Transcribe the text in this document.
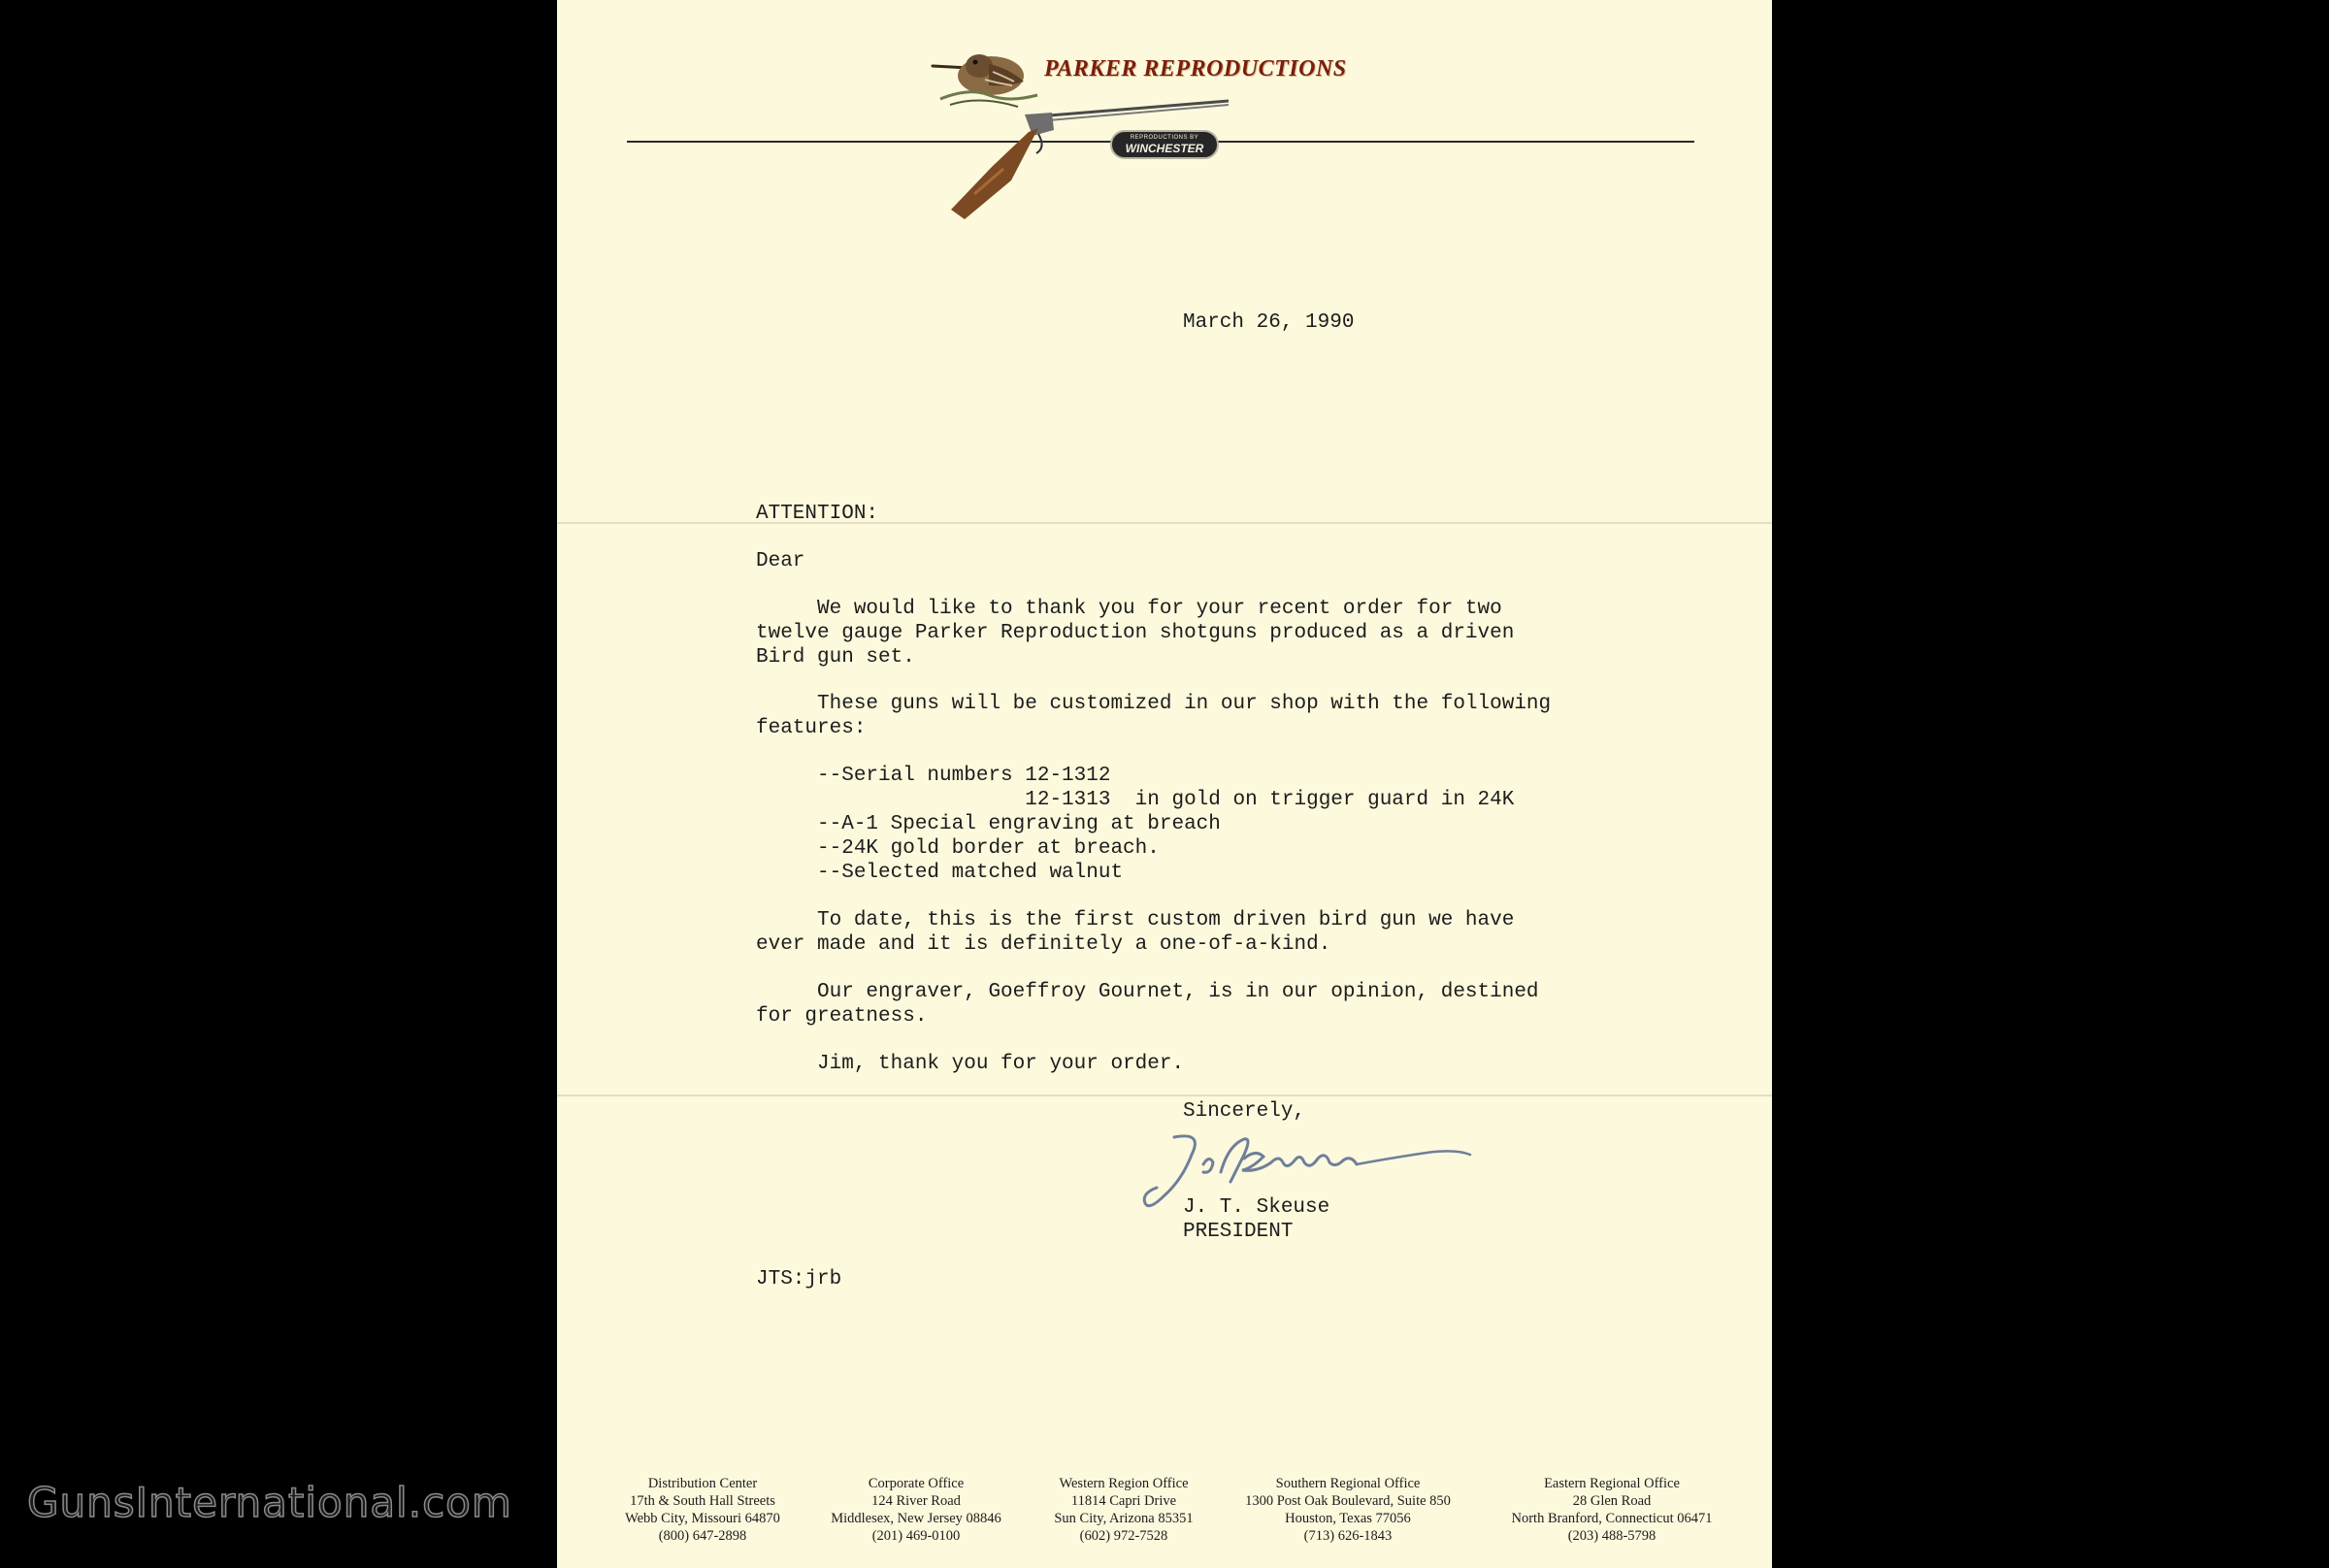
GunsInternational.com
PARKER REPRODUCTIONS
REPRODUCTIONS BY
WINCHESTER
March 26, 1990
ATTENTION:
Dear
We would like to thank you for your recent order for two
twelve gauge Parker Reproduction shotguns produced as a driven
Bird gun set.
These guns will be customized in our shop with the following
features:
--Serial numbers 12-1312
12-1313  in gold on trigger guard in 24K
--A-1 Special engraving at breach
--24K gold border at breach.
--Selected matched walnut
To date, this is the first custom driven bird gun we have
ever made and it is definitely a one-of-a-kind.
Our engraver, Goeffroy Gournet, is in our opinion, destined
for greatness.
Jim, thank you for your order.
Sincerely,
J. T. Skeuse
PRESIDENT
JTS:jrb
Distribution Center
17th & South Hall Streets
Webb City, Missouri 64870
(800) 647-2898
Corporate Office
124 River Road
Middlesex, New Jersey 08846
(201) 469-0100
Western Region Office
11814 Capri Drive
Sun City, Arizona 85351
(602) 972-7528
Southern Regional Office
1300 Post Oak Boulevard, Suite 850
Houston, Texas 77056
(713) 626-1843
Eastern Regional Office
28 Glen Road
North Branford, Connecticut 06471
(203) 488-5798
